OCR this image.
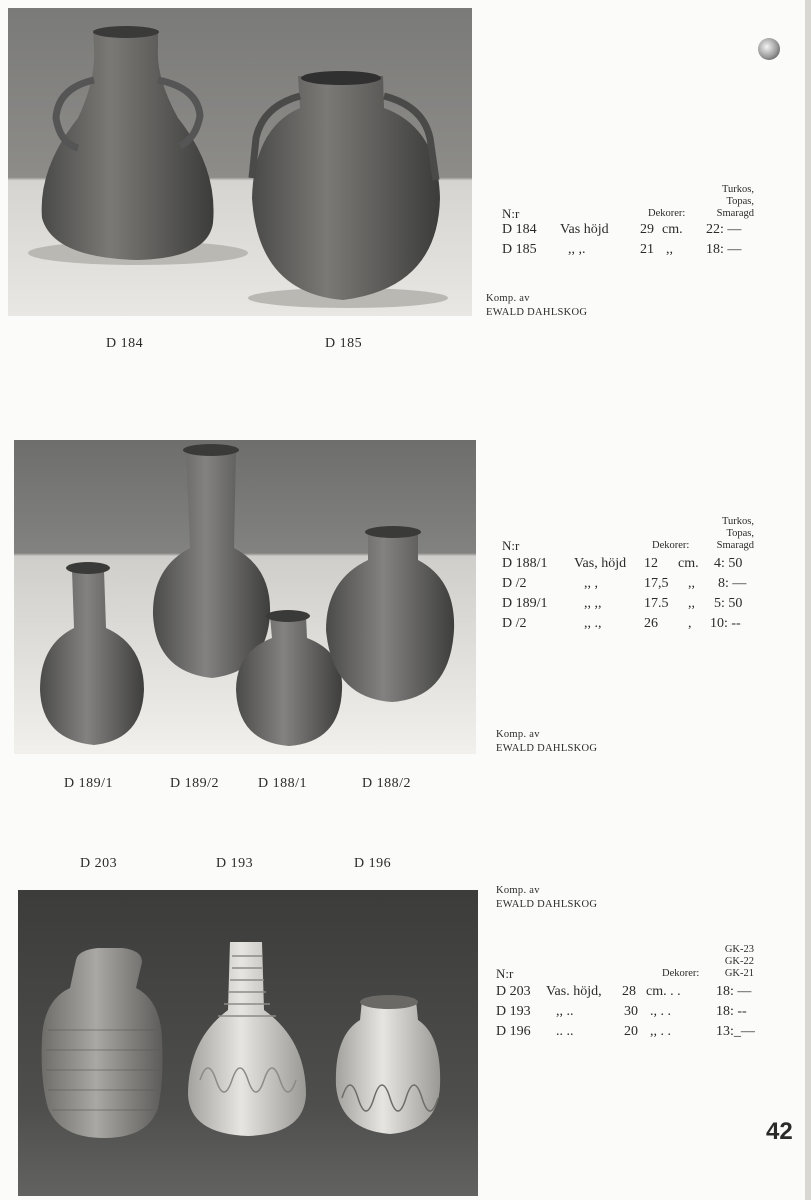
D 184	D 185
Turkos,
Topas,
Smaragd
N:r	Dekorer:
D 184 Vas höjd 29 cm. 22: —
D 185 ,, ,.	21 ,, 18: —
Komp. av
EWALD DAHLSKOG
D 189/1	D 189/2	D 188/1	D 188/2
Turkos,
Topas,
Smaragd
N:r	Dekorer:
D 188/1 Vas, höjd 12 cm. 4: 50
D /2	,, ,	17,5 ,, 8: —
D 189/1	,, ,,	17.5 ,, 5: 50
D /2	,, .,	26 , 10: --
Komp. av
EWALD DAHLSKOG
D 203	D 193	D 196
Komp. av
EWALD DAHLSKOG
GK-23
GK-22
GK-21
N:r	Dekorer:
D 203 Vas. höjd, 28 cm. . .	18: —
D 193 ,, ..	30 ., . .	18: --
D 196 .. ..	20 ,, . .	13:_—
42
